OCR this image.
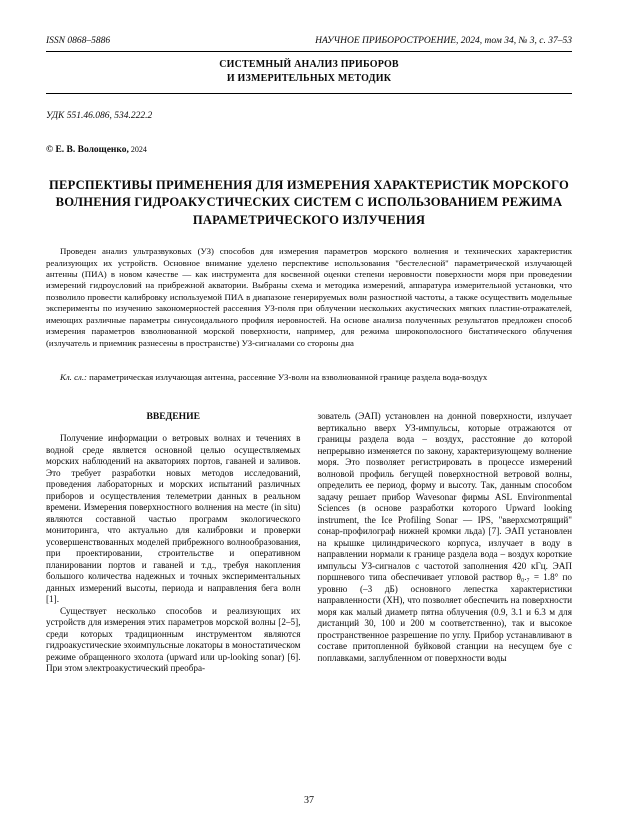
ISSN 0868–5886	НАУЧНОЕ ПРИБОРОСТРОЕНИЕ, 2024, том 34, № 3, с. 37–53
СИСТЕМНЫЙ АНАЛИЗ ПРИБОРОВ
И ИЗМЕРИТЕЛЬНЫХ МЕТОДИК
УДК 551.46.086, 534.222.2
© Е. В. Волощенко, 2024
ПЕРСПЕКТИВЫ ПРИМЕНЕНИЯ ДЛЯ ИЗМЕРЕНИЯ ХАРАКТЕРИСТИК МОРСКОГО ВОЛНЕНИЯ ГИДРОАКУСТИЧЕСКИХ СИСТЕМ С ИСПОЛЬЗОВАНИЕМ РЕЖИМА ПАРАМЕТРИЧЕСКОГО ИЗЛУЧЕНИЯ

Проведен анализ ультразвуковых (УЗ) способов для измерения параметров морского волнения и технических характеристик реализующих их устройств. Основное внимание уделено перспективе использования "бестелесной" параметрической излучающей антенны (ПИА) в новом качестве — как инструмента для косвенной оценки степени неровности поверхности моря при проведении измерений гидроусловий на прибрежной акватории. Выбраны схема и методика измерений, аппаратура измерительной установки, что позволило провести калибровку используемой ПИА в диапазоне генерируемых волн разностной частоты, а также осуществить модельные эксперименты по изучению закономерностей рассеяния УЗ-поля при облучении нескольких акустических мягких пластин-отражателей, имеющих различные параметры синусоидального профиля неровностей. На основе анализа полученных результатов предложен способ измерения параметров взволнованной морской поверхности, например, для режима широкополосного бистатического облучения (излучатель и приемник разнесены в пространстве) УЗ-сигналами со стороны дна

Кл. сл.: параметрическая излучающая антенна, рассеяние УЗ-волн на взволнованной границе раздела вода-воздух

ВВЕДЕНИЕ

Получение информации о ветровых волнах и течениях в водной среде является основной целью осуществляемых морских наблюдений на акваториях портов, гаваней и заливов. Это требует разработки новых методов исследований, проведения лабораторных и морских испытаний различных приборов и осуществления телеметрии данных в реальном времени. Измерения поверхностного волнения на месте (in situ) являются составной частью программ экологического мониторинга, что актуально для калибровки и проверки усовершенствованных моделей прибрежного волнообразования, при проектировании, строительстве и оперативном планировании портов и гаваней и т.д., требуя накопления большого количества надежных и точных экспериментальных данных измерений высоты, периода и направления бега волн [1].

Существует несколько способов и реализующих их устройств для измерения этих параметров морской волны [2–5], среди которых традиционным инструментом являются гидроакустические эхоимпульсные локаторы в моностатическом режиме обращенного эхолота (upward или up-looking sonar) [6]. При этом электроакустический преобра-

зователь (ЭАП) установлен на донной поверхности, излучает вертикально вверх УЗ-импульсы, которые отражаются от границы раздела вода – воздух, расстояние до которой непрерывно изменяется по закону, характеризующему волнение моря. Это позволяет регистрировать в процессе измерений волновой профиль бегущей поверхностной ветровой волны, определить ее период, форму и высоту. Так, данным способом задачу решает прибор Wavesonar фирмы ASL Environmental Sciences (в основе разработки которого Upward looking instrument, the Ice Profiling Sonar — IPS, "вверхсмотрящий" сонар-профилограф нижней кромки льда) [7]. ЭАП установлен на крышке цилиндрического корпуса, излучает в воду в направлении нормали к границе раздела вода – воздух короткие импульсы УЗ-сигналов с частотой заполнения 420 кГц. ЭАП поршневого типа обеспечивает угловой раствор θ₀.₇ = 1.8° по уровню (–3 дБ) основного лепестка характеристики направленности (ХН), что позволяет обеспечить на поверхности моря как малый диаметр пятна облучения (0.9, 3.1 и 6.3 м для дистанций 30, 100 и 200 м соответственно), так и высокое пространственное разрешение по углу. Прибор устанавливают в составе притопленной буйковой станции на несущем буе с поплавками, заглубленном от поверхности воды

37
